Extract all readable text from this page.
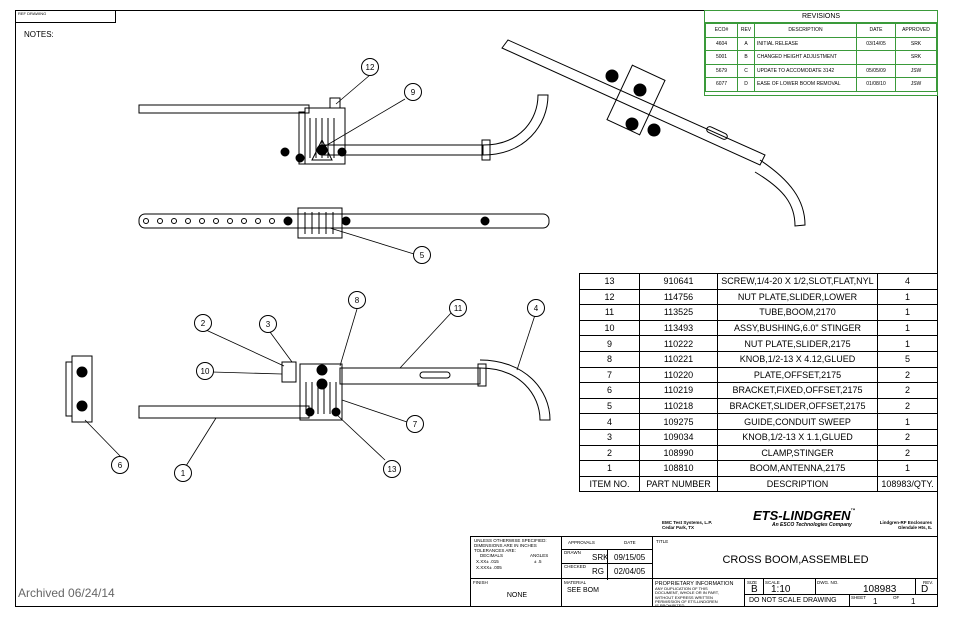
REF DRAWING
NOTES:
Archived 06/24/14
REVISIONS
ECO#	REV	DESCRIPTION	DATE	APPROVED
4604	A	INITIAL RELEASE	03/14/05	SRK
5001	B	CHANGED HEIGHT ADJUSTMENT		SRK
5679	C	UPDATE TO ACCOMODATE 3142	05/05/09	JSW
6077	D	EASE OF LOWER BOOM REMOVAL	01/08/10	JSW
12
9
5
8
11	4
2	3
10
7
13
6
1
13	910641	SCREW,1/4-20 X 1/2,SLOT,FLAT,NYL	4
12	114756	NUT PLATE,SLIDER,LOWER	1
11	113525	TUBE,BOOM,2170	1
10	113493	ASSY,BUSHING,6.0" STINGER	1
9	110222	NUT PLATE,SLIDER,2175	1
8	110221	KNOB,1/2-13 X 4.12,GLUED	5
7	110220	PLATE,OFFSET,2175	2
6	110219	BRACKET,FIXED,OFFSET,2175	2
5	110218	BRACKET,SLIDER,OFFSET,2175	2
4	109275	GUIDE,CONDUIT SWEEP	1
3	109034	KNOB,1/2-13 X 1.1,GLUED	2
2	108990	CLAMP,STINGER	2
1	108810	BOOM,ANTENNA,2175	1
ITEM NO.	PART NUMBER	DESCRIPTION	108983/QTY.
EMC Test Systems, L.P.
Cedar Park, TX
ETS-LINDGREN™
An ESCO Technologies Company	Lindgren-RF Enclosures
Glendale Hts, IL
UNLESS OTHERWISE SPECIFIED:
DIMENSIONS ARE IN INCHES
TOLERANCES ARE:
DECIMALS	ANGLES
X.XX± .015	± .5
X.XXX± .005
APPROVALS	DATE
DRAWN
SRK 09/15/05
CHECKED
RG 02/04/05
TITLE
CROSS BOOM,ASSEMBLED
FINISH
NONE
MATERIAL
SEE BOM
PROPRIETARY INFORMATION
ANY DUPLICATION OF THIS
DOCUMENT, WHOLE OR IN PART,
WITHOUT EXPRESS WRITTEN
PERMISSION OF ETS-LINDGREN
IS PROHIBITED.
SIZE
B
SCALE
1:10
DWG. NO.
108983
REV.
D
DO NOT SCALE DRAWING	SHEET 1	OF 1
